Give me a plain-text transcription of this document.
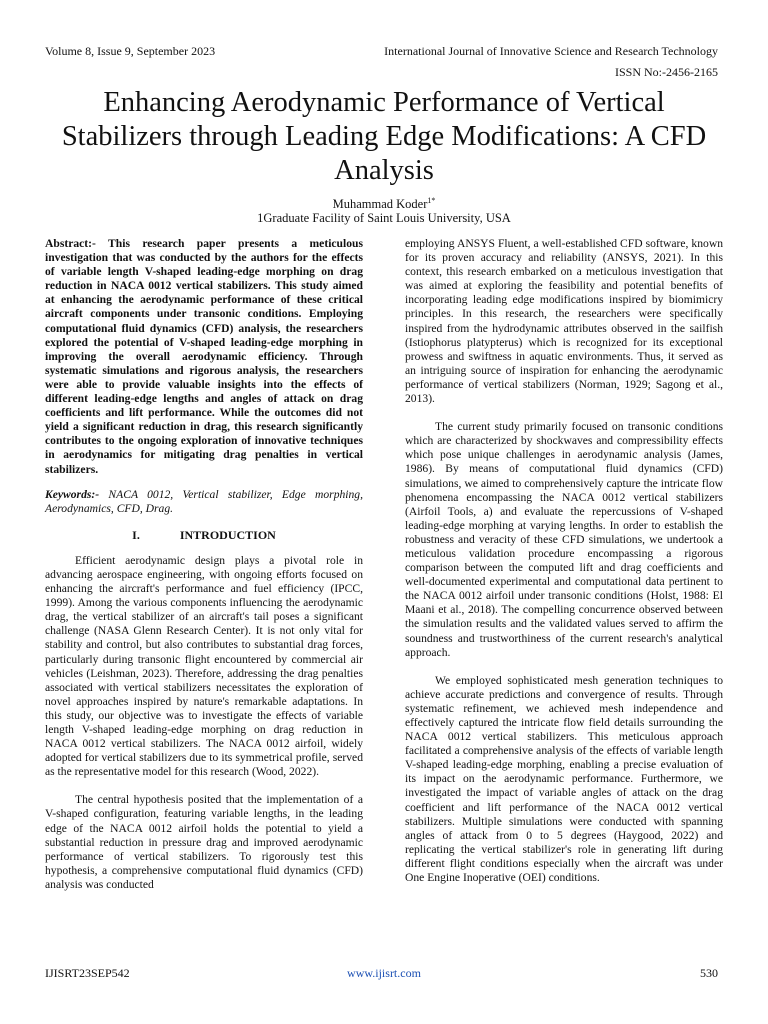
Volume 8, Issue 9, September 2023	International Journal of Innovative Science and Research Technology
ISSN No:-2456-2165
Enhancing Aerodynamic Performance of Vertical Stabilizers through Leading Edge Modifications: A CFD Analysis
Muhammad Koder$^{1*}$
1Graduate Facility of Saint Louis University, USA

Abstract:- This research paper presents a meticulous investigation that was conducted by the authors for the effects of variable length V-shaped leading-edge morphing on drag reduction in NACA 0012 vertical stabilizers. This study aimed at enhancing the aerodynamic performance of these critical aircraft components under transonic conditions. Employing computational fluid dynamics (CFD) analysis, the researchers explored the potential of V-shaped leading-edge morphing in improving the overall aerodynamic efficiency. Through systematic simulations and rigorous analysis, the researchers were able to provide valuable insights into the effects of different leading-edge lengths and angles of attack on drag coefficients and lift performance. While the outcomes did not yield a significant reduction in drag, this research significantly contributes to the ongoing exploration of innovative techniques in aerodynamics for mitigating drag penalties in vertical stabilizers.

Keywords:- NACA 0012, Vertical stabilizer, Edge morphing, Aerodynamics, CFD, Drag.

I.	INTRODUCTION

Efficient aerodynamic design plays a pivotal role in advancing aerospace engineering, with ongoing efforts focused on enhancing the aircraft's performance and fuel efficiency (IPCC, 1999). Among the various components influencing the aerodynamic drag, the vertical stabilizer of an aircraft's tail poses a significant challenge (NASA Glenn Research Center). It is not only vital for stability and control, but also contributes to substantial drag forces, particularly during transonic flight encountered by commercial air vehicles (Leishman, 2023). Therefore, addressing the drag penalties associated with vertical stabilizers necessitates the exploration of novel approaches inspired by nature's remarkable adaptations. In this study, our objective was to investigate the effects of variable length V-shaped leading-edge morphing on drag reduction in NACA 0012 vertical stabilizers. The NACA 0012 airfoil, widely adopted for vertical stabilizers due to its symmetrical profile, served as the representative model for this research (Wood, 2022).

The central hypothesis posited that the implementation of a V-shaped configuration, featuring variable lengths, in the leading edge of the NACA 0012 airfoil holds the potential to yield a substantial reduction in pressure drag and improved aerodynamic performance of vertical stabilizers. To rigorously test this hypothesis, a comprehensive computational fluid dynamics (CFD) analysis was conducted

employing ANSYS Fluent, a well-established CFD software, known for its proven accuracy and reliability (ANSYS, 2021). In this context, this research embarked on a meticulous investigation that was aimed at exploring the feasibility and potential benefits of incorporating leading edge modifications inspired by biomimicry principles. In this research, the researchers were specifically inspired from the hydrodynamic attributes observed in the sailfish (Istiophorus platypterus) which is recognized for its exceptional prowess and swiftness in aquatic environments. Thus, it served as an intriguing source of inspiration for enhancing the aerodynamic performance of vertical stabilizers (Norman, 1929; Sagong et al., 2013).

The current study primarily focused on transonic conditions which are characterized by shockwaves and compressibility effects which pose unique challenges in aerodynamic analysis (James, 1986). By means of computational fluid dynamics (CFD) simulations, we aimed to comprehensively capture the intricate flow phenomena encompassing the NACA 0012 vertical stabilizers (Airfoil Tools, a) and evaluate the repercussions of V-shaped leading-edge morphing at varying lengths. In order to establish the robustness and veracity of these CFD simulations, we undertook a meticulous validation procedure encompassing a rigorous comparison between the computed lift and drag coefficients and well-documented experimental and computational data pertinent to the NACA 0012 airfoil under transonic conditions (Holst, 1988: El Maani et al., 2018). The compelling concurrence observed between the simulation results and the validated values served to affirm the soundness and trustworthiness of the current research's analytical approach.

We employed sophisticated mesh generation techniques to achieve accurate predictions and convergence of results. Through systematic refinement, we achieved mesh independence and effectively captured the intricate flow field details surrounding the NACA 0012 vertical stabilizers. This meticulous approach facilitated a comprehensive analysis of the effects of variable length V-shaped leading-edge morphing, enabling a precise evaluation of its impact on the aerodynamic performance. Furthermore, we investigated the impact of variable angles of attack on the drag coefficient and lift performance of the NACA 0012 vertical stabilizers. Multiple simulations were conducted with spanning angles of attack from 0 to 5 degrees (Haygood, 2022) and replicating the vertical stabilizer's role in generating lift during different flight conditions especially when the aircraft was under One Engine Inoperative (OEI) conditions.

IJISRT23SEP542	www.ijisrt.com	530
